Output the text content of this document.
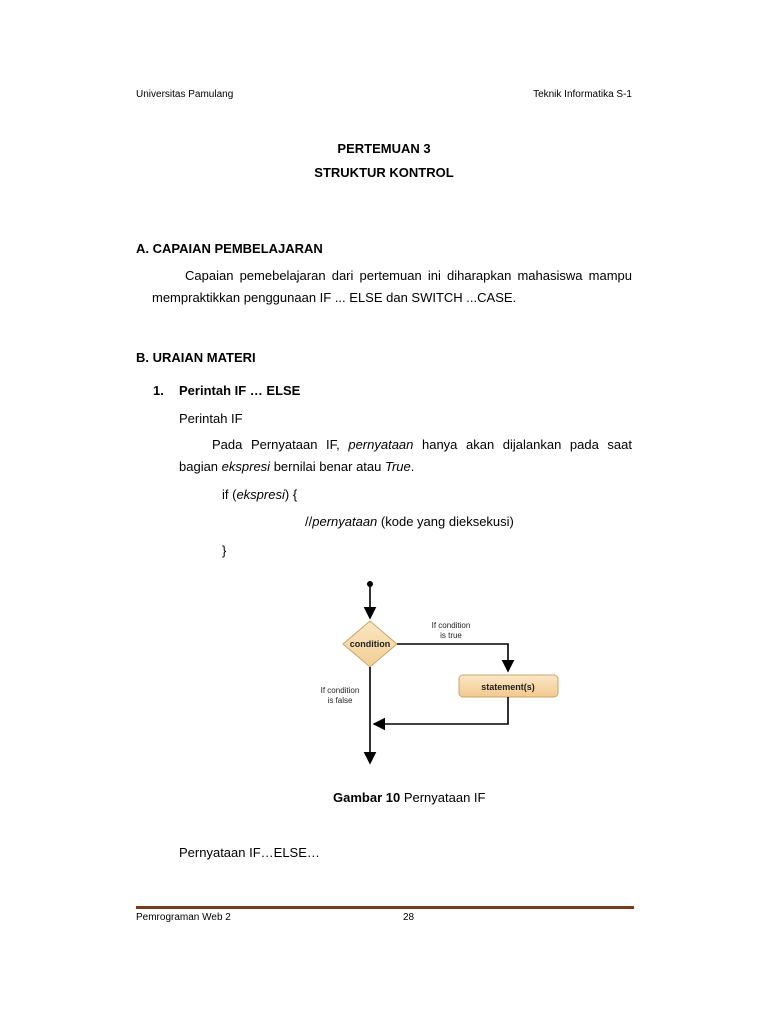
Universitas Pamulang	Teknik Informatika S-1
PERTEMUAN 3
STRUKTUR KONTROL
A. CAPAIAN PEMBELAJARAN
Capaian pemebelajaran dari pertemuan ini diharapkan mahasiswa mampu mempraktikkan penggunaan IF ... ELSE dan SWITCH ...CASE.
B. URAIAN MATERI
1. Perintah IF … ELSE
Perintah IF
Pada Pernyataan IF, pernyataan hanya akan dijalankan pada saat bagian ekspresi bernilai benar atau True.
if (ekspresi) {
//pernyataan (kode yang dieksekusi)
}
condition
If condition
is true
statement(s)
If condition
is false
Gambar 10 Pernyataan IF
Pernyataan IF…ELSE…
Pemrograman Web 2	28
